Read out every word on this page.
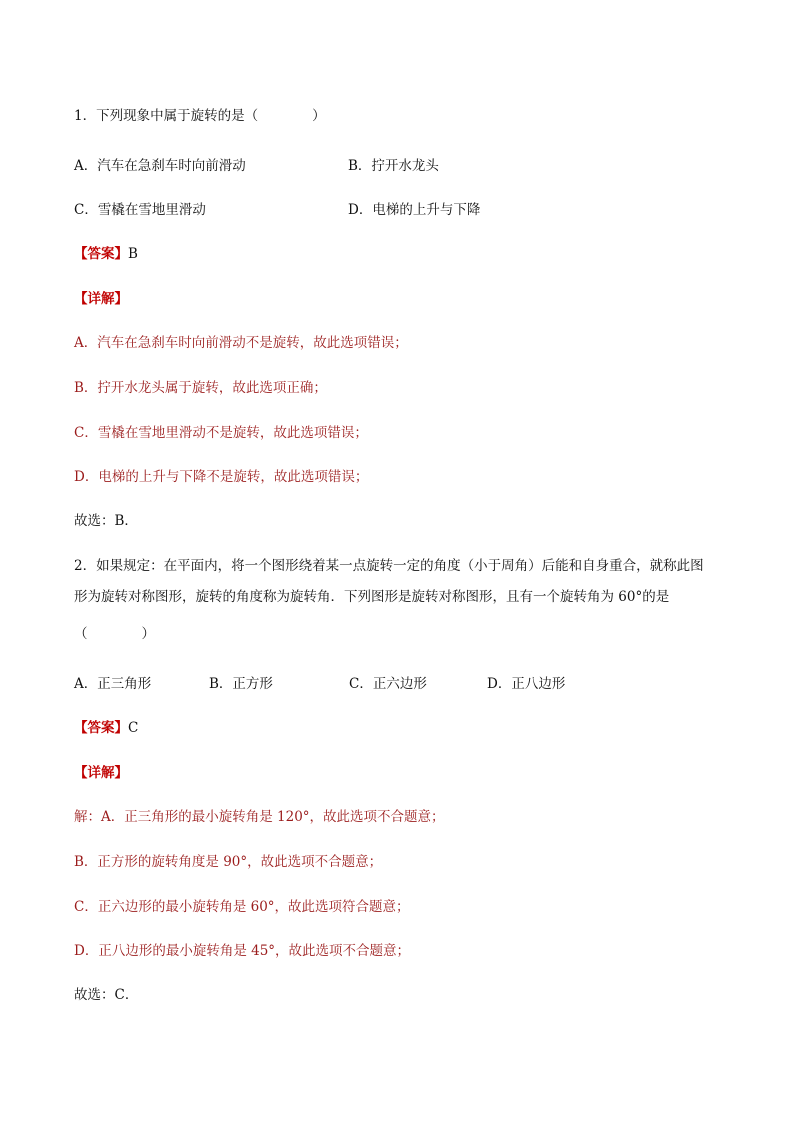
1．下列现象中属于旋转的是（　　　　）
A．汽车在急刹车时向前滑动	B．拧开水龙头
C．雪橇在雪地里滑动	D．电梯的上升与下降
【答案】B
【详解】
A．汽车在急刹车时向前滑动不是旋转，故此选项错误；
B．拧开水龙头属于旋转，故此选项正确；
C．雪橇在雪地里滑动不是旋转，故此选项错误；
D．电梯的上升与下降不是旋转，故此选项错误；
故选：B．
2．如果规定：在平面内，将一个图形绕着某一点旋转一定的角度（小于周角）后能和自身重合，就称此图
形为旋转对称图形，旋转的角度称为旋转角．下列图形是旋转对称图形，且有一个旋转角为 60°的是
（　　　　）
A．正三角形	B．正方形	C．正六边形	D．正八边形
【答案】C
【详解】
解：A．正三角形的最小旋转角是 120°，故此选项不合题意；
B．正方形的旋转角度是 90°，故此选项不合题意；
C．正六边形的最小旋转角是 60°，故此选项符合题意；
D．正八边形的最小旋转角是 45°，故此选项不合题意；
故选：C．
